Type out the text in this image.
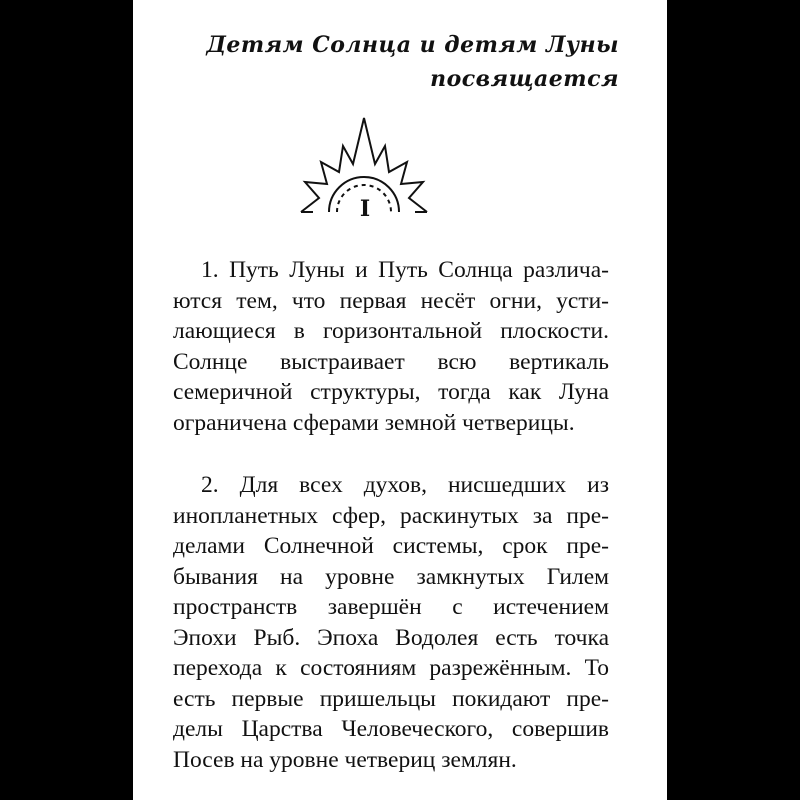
Детям Солнца и детям Луны
посвящается
I
1. Путь Луны и Путь Солнца различа-
ются тем, что первая несёт огни, усти-
лающиеся в горизонтальной плоскости.
Солнце выстраивает всю вертикаль
семеричной структуры, тогда как Луна
ограничена сферами земной четверицы.
2. Для всех духов, нисшедших из
инопланетных сфер, раскинутых за пре-
делами Солнечной системы, срок пре-
бывания на уровне замкнутых Гилем
пространств завершён с истечением
Эпохи Рыб. Эпоха Водолея есть точка
перехода к состояниям разрежённым. То
есть первые пришельцы покидают пре-
делы Царства Человеческого, совершив
Посев на уровне четвериц землян.
